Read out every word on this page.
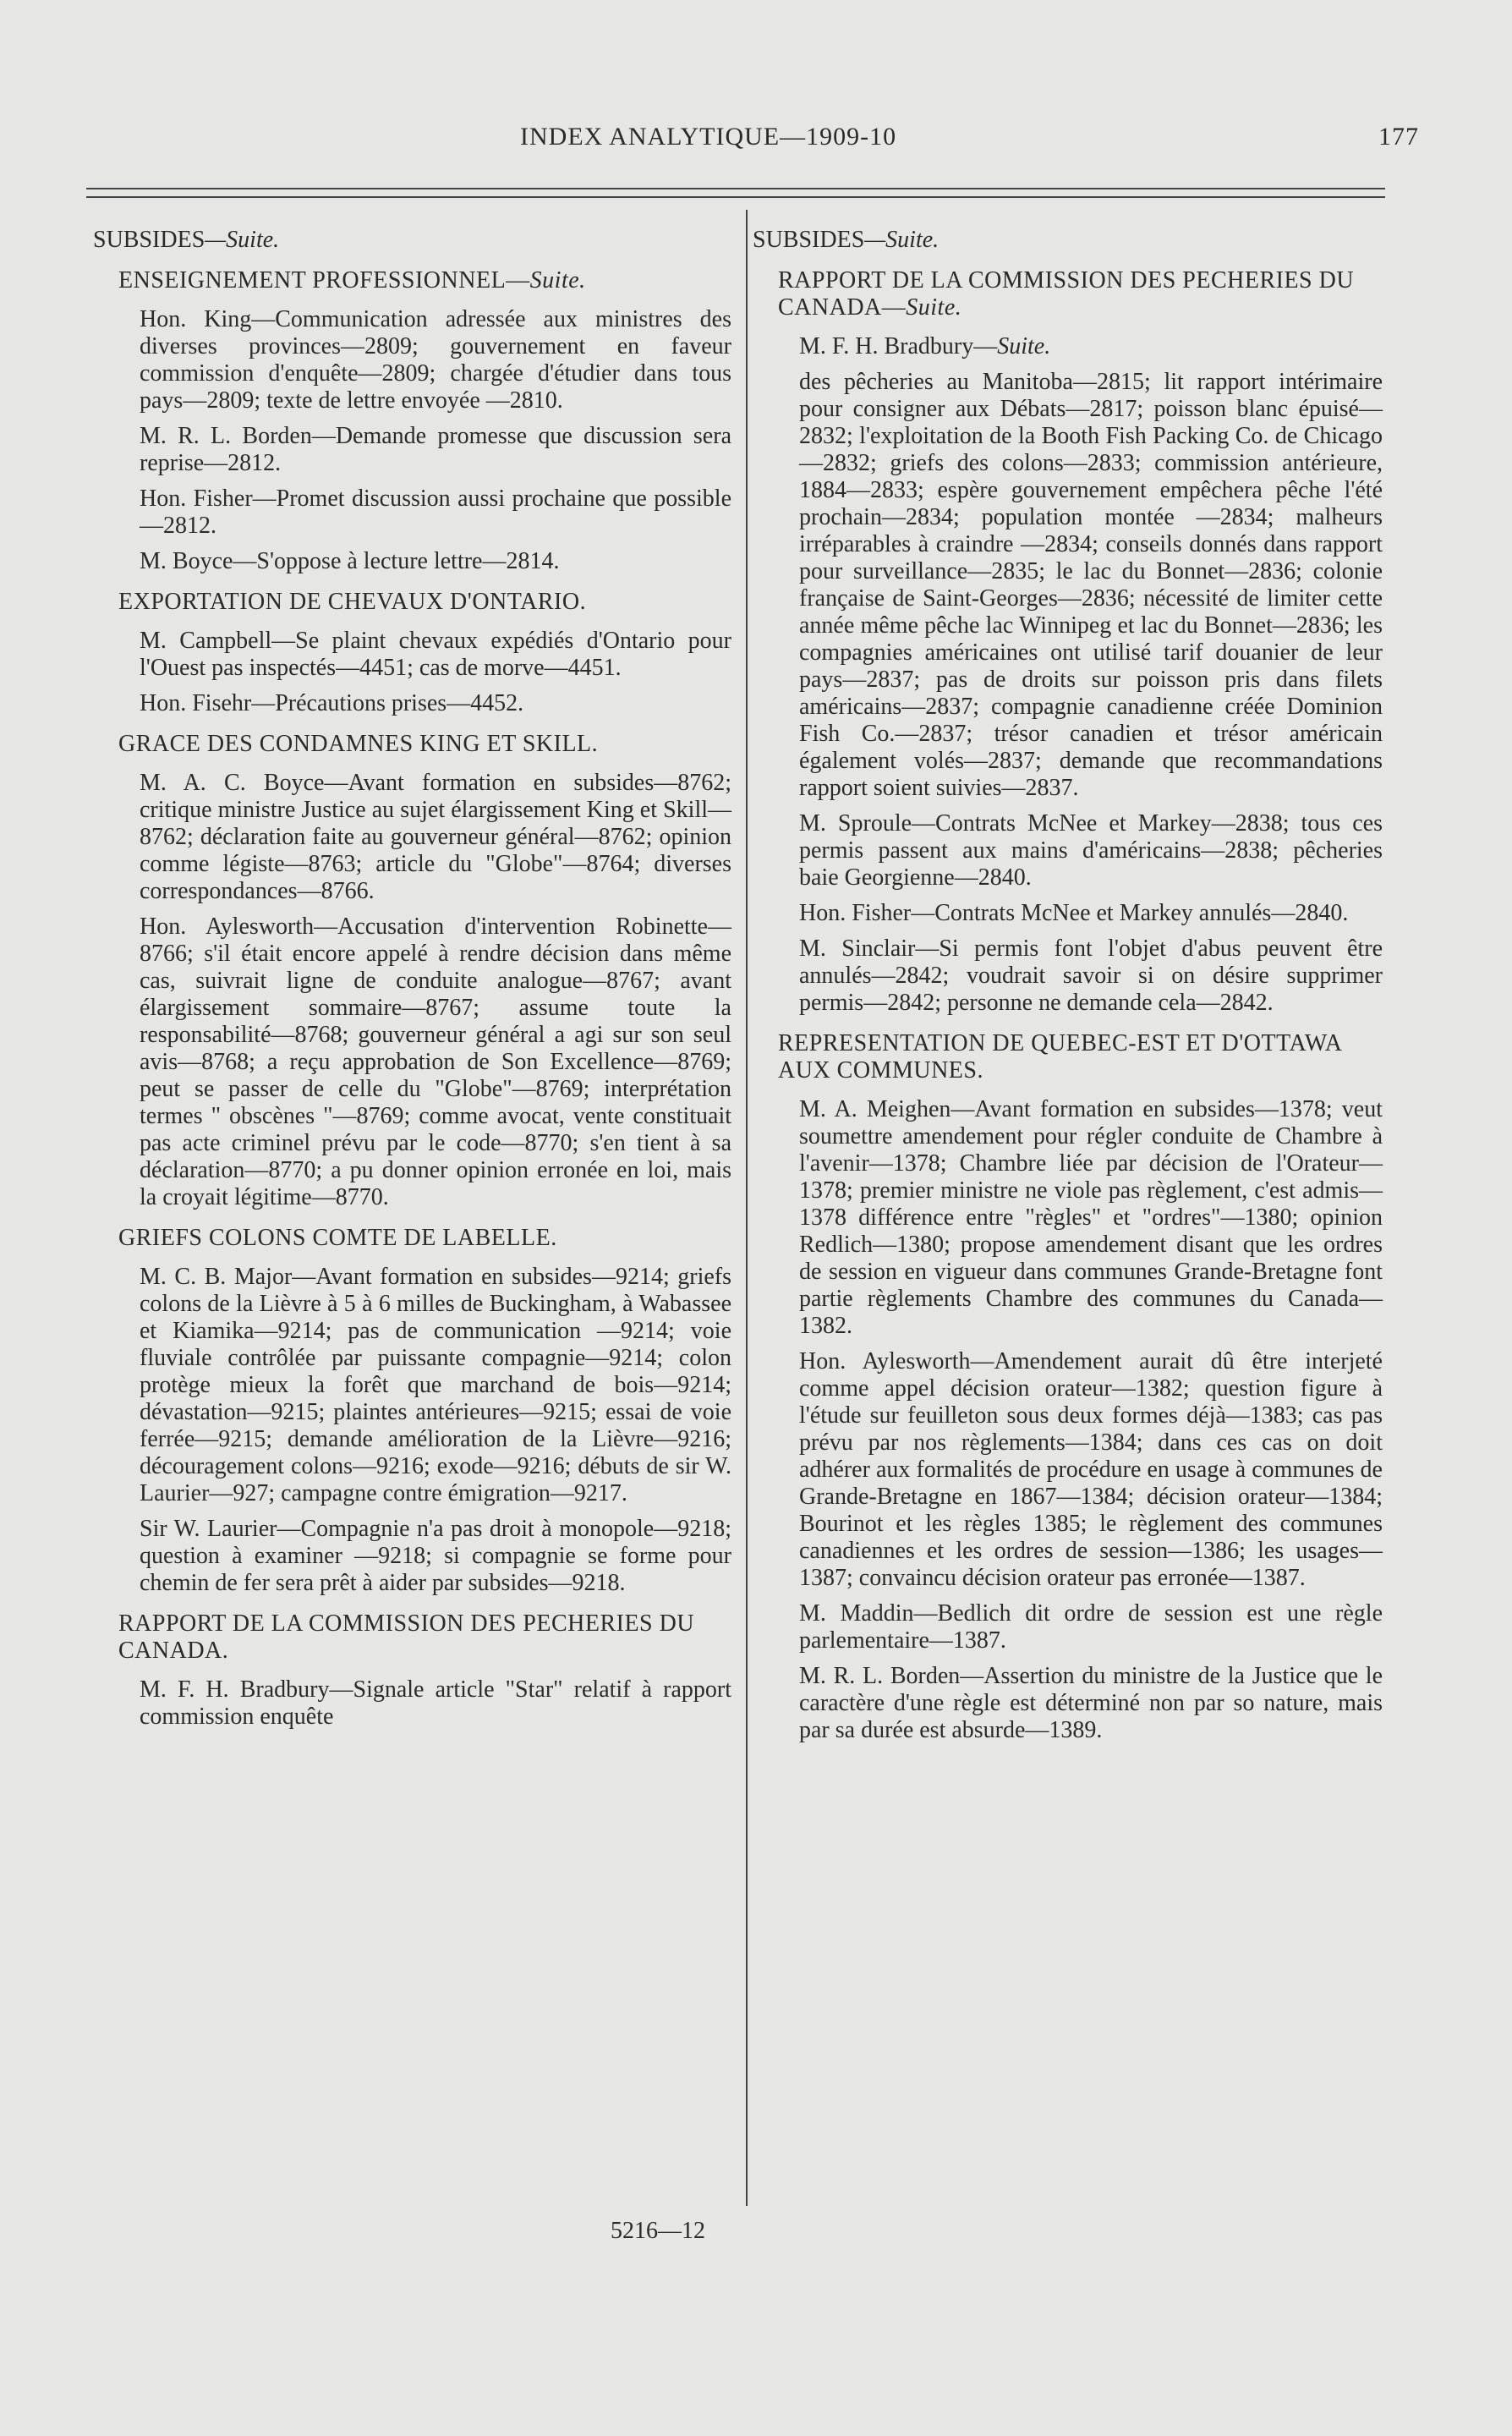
INDEX ANALYTIQUE—1909-10	177

SUBSIDES—Suite.

ENSEIGNEMENT PROFESSIONNEL—Suite.

Hon. King—Communication adressée aux ministres des diverses provinces—2809; gouvernement en faveur commission d'enquête—2809; chargée d'étudier dans tous pays—2809; texte de lettre envoyée —2810.

M. R. L. Borden—Demande promesse que discussion sera reprise—2812.

Hon. Fisher—Promet discussion aussi prochaine que possible—2812.

M. Boyce—S'oppose à lecture lettre—2814.

EXPORTATION DE CHEVAUX D'ONTARIO.

M. Campbell—Se plaint chevaux expédiés d'Ontario pour l'Ouest pas inspectés—4451; cas de morve—4451.

Hon. Fisehr—Précautions prises—4452.

GRACE DES CONDAMNES KING ET SKILL.

M. A. C. Boyce—Avant formation en subsides—8762; critique ministre Justice au sujet élargissement King et Skill—8762; déclaration faite au gouverneur général—8762; opinion comme légiste—8763; article du "Globe"—8764; diverses correspondances—8766.

Hon. Aylesworth—Accusation d'intervention Robinette—8766; s'il était encore appelé à rendre décision dans même cas, suivrait ligne de conduite analogue—8767; avant élargissement sommaire—8767; assume toute la responsabilité—8768; gouverneur général a agi sur son seul avis—8768; a reçu approbation de Son Excellence—8769; peut se passer de celle du "Globe"—8769; interprétation termes " obscènes "—8769; comme avocat, vente constituait pas acte criminel prévu par le code—8770; s'en tient à sa déclaration—8770; a pu donner opinion erronée en loi, mais la croyait légitime—8770.

GRIEFS COLONS COMTE DE LABELLE.

M. C. B. Major—Avant formation en subsides—9214; griefs colons de la Lièvre à 5 à 6 milles de Buckingham, à Wabassee et Kiamika—9214; pas de communication —9214; voie fluviale contrôlée par puissante compagnie—9214; colon protège mieux la forêt que marchand de bois—9214; dévastation—9215; plaintes antérieures—9215; essai de voie ferrée—9215; demande amélioration de la Lièvre—9216; découragement colons—9216; exode—9216; débuts de sir W. Laurier—927; campagne contre émigration—9217.

Sir W. Laurier—Compagnie n'a pas droit à monopole—9218; question à examiner —9218; si compagnie se forme pour chemin de fer sera prêt à aider par subsides—9218.

RAPPORT DE LA COMMISSION DES PECHERIES DU CANADA.

M. F. H. Bradbury—Signale article "Star" relatif à rapport commission enquête

SUBSIDES—Suite.

RAPPORT DE LA COMMISSION DES PECHERIES DU CANADA—Suite.

M. F. H. Bradbury—Suite.

des pêcheries au Manitoba—2815; lit rapport intérimaire pour consigner aux Débats—2817; poisson blanc épuisé—2832; l'exploitation de la Booth Fish Packing Co. de Chicago—2832; griefs des colons—2833; commission antérieure, 1884—2833; espère gouvernement empêchera pêche l'été prochain—2834; population montée —2834; malheurs irréparables à craindre —2834; conseils donnés dans rapport pour surveillance—2835; le lac du Bonnet—2836; colonie française de Saint-Georges—2836; nécessité de limiter cette année même pêche lac Winnipeg et lac du Bonnet—2836; les compagnies américaines ont utilisé tarif douanier de leur pays—2837; pas de droits sur poisson pris dans filets américains—2837; compagnie canadienne créée Dominion Fish Co.—2837; trésor canadien et trésor américain également volés—2837; demande que recommandations rapport soient suivies—2837.

M. Sproule—Contrats McNee et Markey—2838; tous ces permis passent aux mains d'américains—2838; pêcheries baie Georgienne—2840.

Hon. Fisher—Contrats McNee et Markey annulés—2840.

M. Sinclair—Si permis font l'objet d'abus peuvent être annulés—2842; voudrait savoir si on désire supprimer permis—2842; personne ne demande cela—2842.

REPRESENTATION DE QUEBEC-EST ET D'OTTAWA AUX COMMUNES.

M. A. Meighen—Avant formation en subsides—1378; veut soumettre amendement pour régler conduite de Chambre à l'avenir—1378; Chambre liée par décision de l'Orateur—1378; premier ministre ne viole pas règlement, c'est admis—1378 différence entre "règles" et "ordres"—1380; opinion Redlich—1380; propose amendement disant que les ordres de session en vigueur dans communes Grande-Bretagne font partie règlements Chambre des communes du Canada—1382.

Hon. Aylesworth—Amendement aurait dû être interjeté comme appel décision orateur—1382; question figure à l'étude sur feuilleton sous deux formes déjà—1383; cas pas prévu par nos règlements—1384; dans ces cas on doit adhérer aux formalités de procédure en usage à communes de Grande-Bretagne en 1867—1384; décision orateur—1384; Bourinot et les règles 1385; le règlement des communes canadiennes et les ordres de session—1386; les usages—1387; convaincu décision orateur pas erronée—1387.

M. Maddin—Bedlich dit ordre de session est une règle parlementaire—1387.

M. R. L. Borden—Assertion du ministre de la Justice que le caractère d'une règle est déterminé non par so nature, mais par sa durée est absurde—1389.

5216—12
